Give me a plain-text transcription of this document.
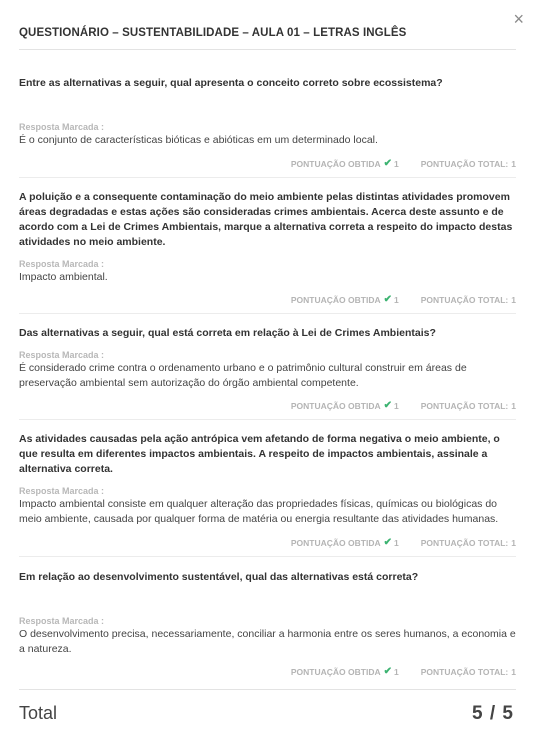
×
QUESTIONÁRIO – SUSTENTABILIDADE – AULA 01 – LETRAS INGLÊS
Entre as alternativas a seguir, qual apresenta o conceito correto sobre ecossistema?
Resposta Marcada :
É o conjunto de características bióticas e abióticas em um determinado local.
PONTUAÇÃO OBTIDA ✔ 1	PONTUAÇÃO TOTAL: 1
A poluição e a consequente contaminação do meio ambiente pelas distintas atividades promovem áreas degradadas e estas ações são consideradas crimes ambientais. Acerca deste assunto e de acordo com a Lei de Crimes Ambientais, marque a alternativa correta a respeito do impacto destas atividades no meio ambiente.
Resposta Marcada :
Impacto ambiental.
PONTUAÇÃO OBTIDA ✔ 1	PONTUAÇÃO TOTAL: 1
Das alternativas a seguir, qual está correta em relação à Lei de Crimes Ambientais?
Resposta Marcada :
É considerado crime contra o ordenamento urbano e o patrimônio cultural construir em áreas de preservação ambiental sem autorização do órgão ambiental competente.
PONTUAÇÃO OBTIDA ✔ 1	PONTUAÇÃO TOTAL: 1
As atividades causadas pela ação antrópica vem afetando de forma negativa o meio ambiente, o que resulta em diferentes impactos ambientais. A respeito de impactos ambientais, assinale a alternativa correta.
Resposta Marcada :
Impacto ambiental consiste em qualquer alteração das propriedades físicas, químicas ou biológicas do meio ambiente, causada por qualquer forma de matéria ou energia resultante das atividades humanas.
PONTUAÇÃO OBTIDA ✔ 1	PONTUAÇÃO TOTAL: 1
Em relação ao desenvolvimento sustentável, qual das alternativas está correta?
Resposta Marcada :
O desenvolvimento precisa, necessariamente, conciliar a harmonia entre os seres humanos, a economia e a natureza.
PONTUAÇÃO OBTIDA ✔ 1	PONTUAÇÃO TOTAL: 1
Total	5 / 5
